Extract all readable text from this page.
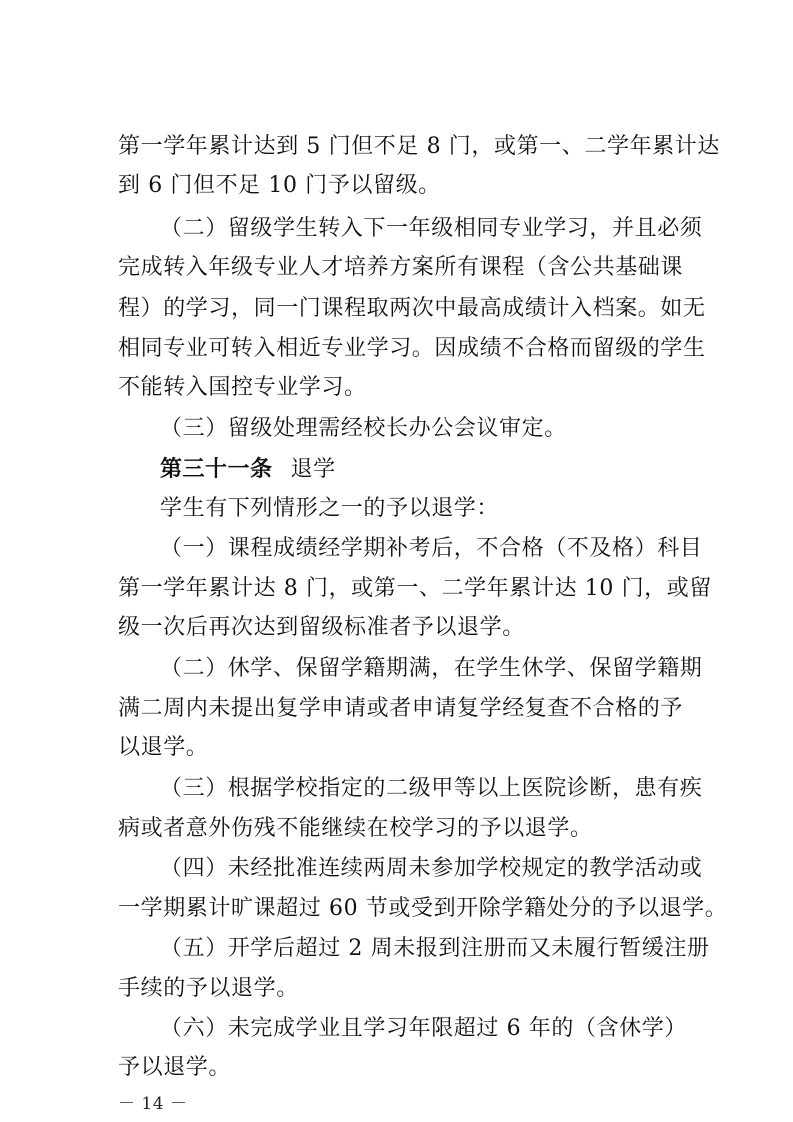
第一学年累计达到 5 门但不足 8 门，或第一、二学年累计达
到 6 门但不足 10 门予以留级。
（二）留级学生转入下一年级相同专业学习，并且必须
完成转入年级专业人才培养方案所有课程（含公共基础课
程）的学习，同一门课程取两次中最高成绩计入档案。如无
相同专业可转入相近专业学习。因成绩不合格而留级的学生
不能转入国控专业学习。
（三）留级处理需经校长办公会议审定。
第三十一条 退学
学生有下列情形之一的予以退学：
（一）课程成绩经学期补考后，不合格（不及格）科目
第一学年累计达 8 门，或第一、二学年累计达 10 门，或留
级一次后再次达到留级标准者予以退学。
（二）休学、保留学籍期满，在学生休学、保留学籍期
满二周内未提出复学申请或者申请复学经复查不合格的予
以退学。
（三）根据学校指定的二级甲等以上医院诊断，患有疾
病或者意外伤残不能继续在校学习的予以退学。
（四）未经批准连续两周未参加学校规定的教学活动或
一学期累计旷课超过 60 节或受到开除学籍处分的予以退学。
（五）开学后超过 2 周未报到注册而又未履行暂缓注册
手续的予以退学。
（六）未完成学业且学习年限超过 6 年的（含休学）
予以退学。
－ 14 －
